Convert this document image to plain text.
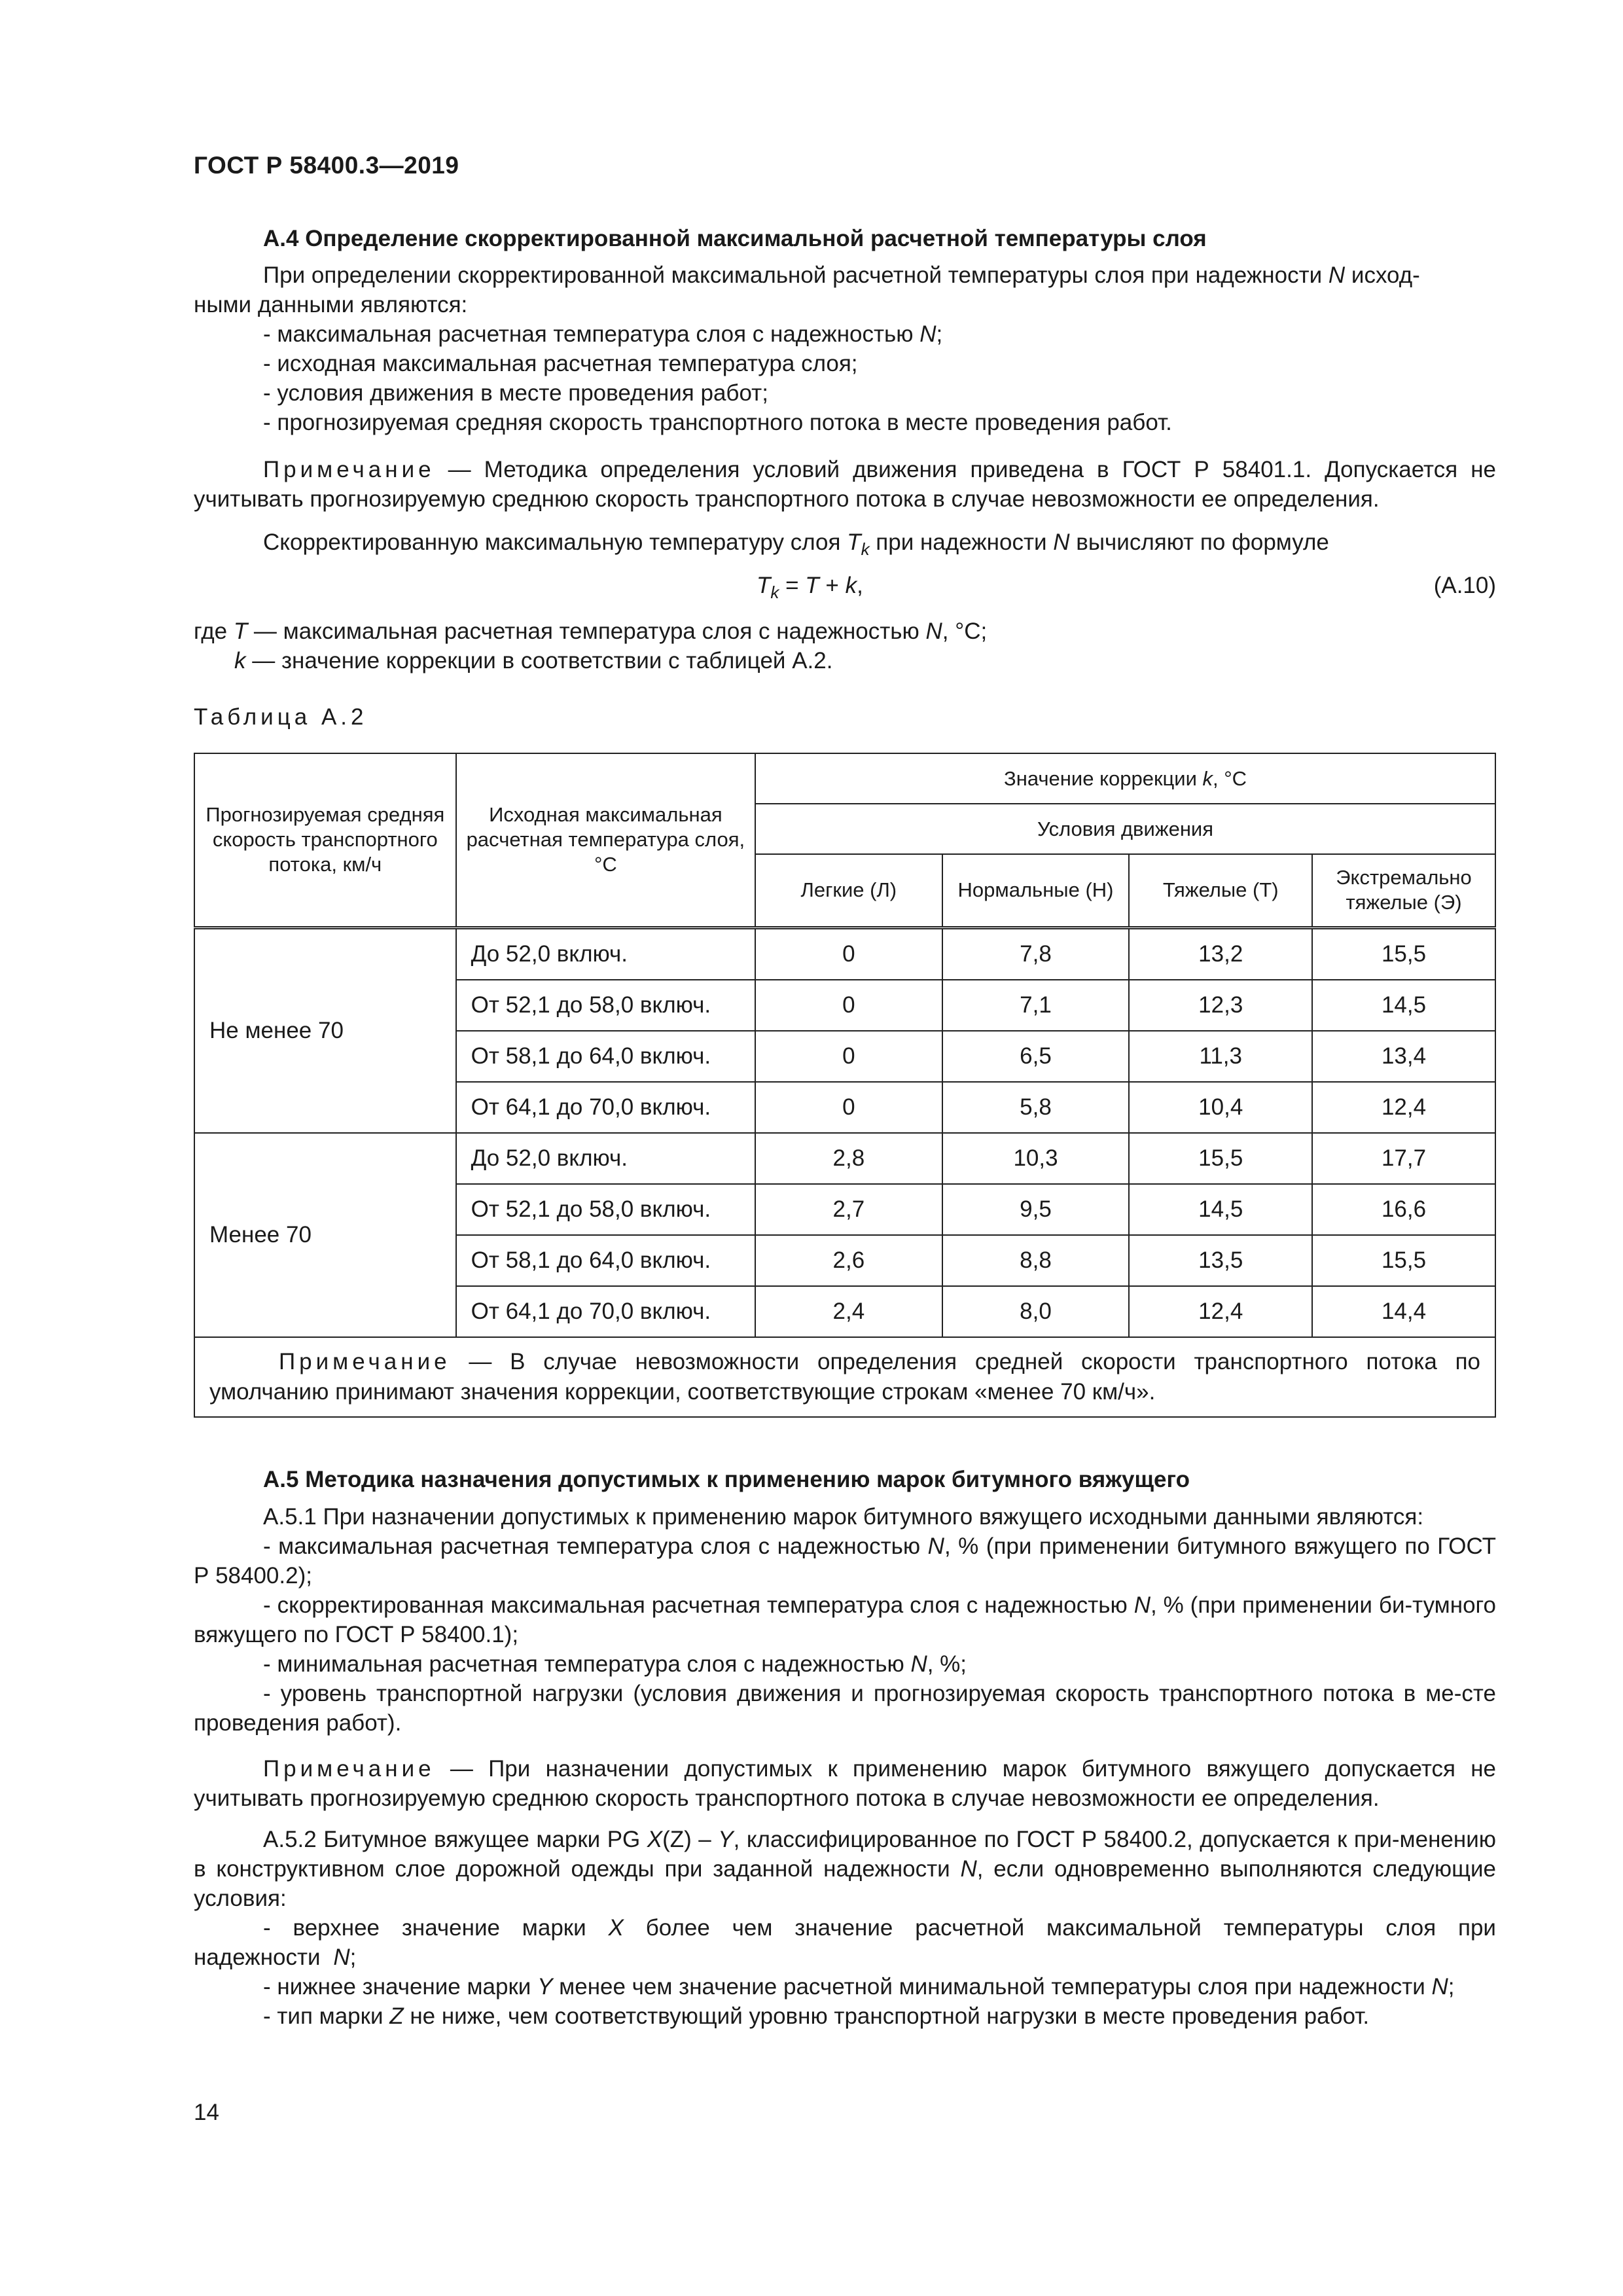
ГОСТ Р 58400.3—2019
А.4 Определение скорректированной максимальной расчетной температуры слоя
При определении скорректированной максимальной расчетной температуры слоя при надежности N исход-
ными данными являются:
- максимальная расчетная температура слоя с надежностью N;
- исходная максимальная расчетная температура слоя;
- условия движения в месте проведения работ;
- прогнозируемая средняя скорость транспортного потока в месте проведения работ.
Примечание — Методика определения условий движения приведена в ГОСТ Р 58401.1. Допускается не учитывать прогнозируемую среднюю скорость транспортного потока в случае невозможности ее определения.
Скорректированную максимальную температуру слоя $T_k$ при надежности N вычисляют по формуле
$T_k = T + k$,	(А.10)
где T — максимальная расчетная температура слоя с надежностью N, °С;
k — значение коррекции в соответствии с таблицей А.2.
Таблица А.2
Прогнозируемая средняя скорость транспортного потока, км/ч	Исходная максимальная расчетная температура слоя, °С	Значение коррекции k, °С			
		Условия движения			
		Легкие (Л)	Нормальные (Н)	Тяжелые (Т)	Экстремально тяжелые (Э)
Не менее 70	До 52,0 включ.	0	7,8	13,2	15,5
	От 52,1 до 58,0 включ.	0	7,1	12,3	14,5
	От 58,1 до 64,0 включ.	0	6,5	11,3	13,4
	От 64,1 до 70,0 включ.	0	5,8	10,4	12,4
Менее 70	До 52,0 включ.	2,8	10,3	15,5	17,7
	От 52,1 до 58,0 включ.	2,7	9,5	14,5	16,6
	От 58,1 до 64,0 включ.	2,6	8,8	13,5	15,5
	От 64,1 до 70,0 включ.	2,4	8,0	12,4	14,4
Примечание — В случае невозможности определения средней скорости транспортного потока по умолчанию принимают значения коррекции, соответствующие строкам «менее 70 км/ч».					
А.5 Методика назначения допустимых к применению марок битумного вяжущего
А.5.1 При назначении допустимых к применению марок битумного вяжущего исходными данными являются:
- максимальная расчетная температура слоя с надежностью N, % (при применении битумного вяжущего по ГОСТ Р 58400.2);
- скорректированная максимальная расчетная температура слоя с надежностью N, % (при применении би-тумного вяжущего по ГОСТ Р 58400.1);
- минимальная расчетная температура слоя с надежностью N, %;
- уровень транспортной нагрузки (условия движения и прогнозируемая скорость транспортного потока в ме-сте проведения работ).
Примечание — При назначении допустимых к применению марок битумного вяжущего допускается не учитывать прогнозируемую среднюю скорость транспортного потока в случае невозможности ее определения.
А.5.2 Битумное вяжущее марки PG X(Z) – Y, классифицированное по ГОСТ Р 58400.2, допускается к при-менению в конструктивном слое дорожной одежды при заданной надежности N, если одновременно выполняются следующие условия:
- верхнее значение марки X более чем значение расчетной максимальной температуры слоя при надежности N;
- нижнее значение марки Y менее чем значение расчетной минимальной температуры слоя при надежности N;
- тип марки Z не ниже, чем соответствующий уровню транспортной нагрузки в месте проведения работ.
14
